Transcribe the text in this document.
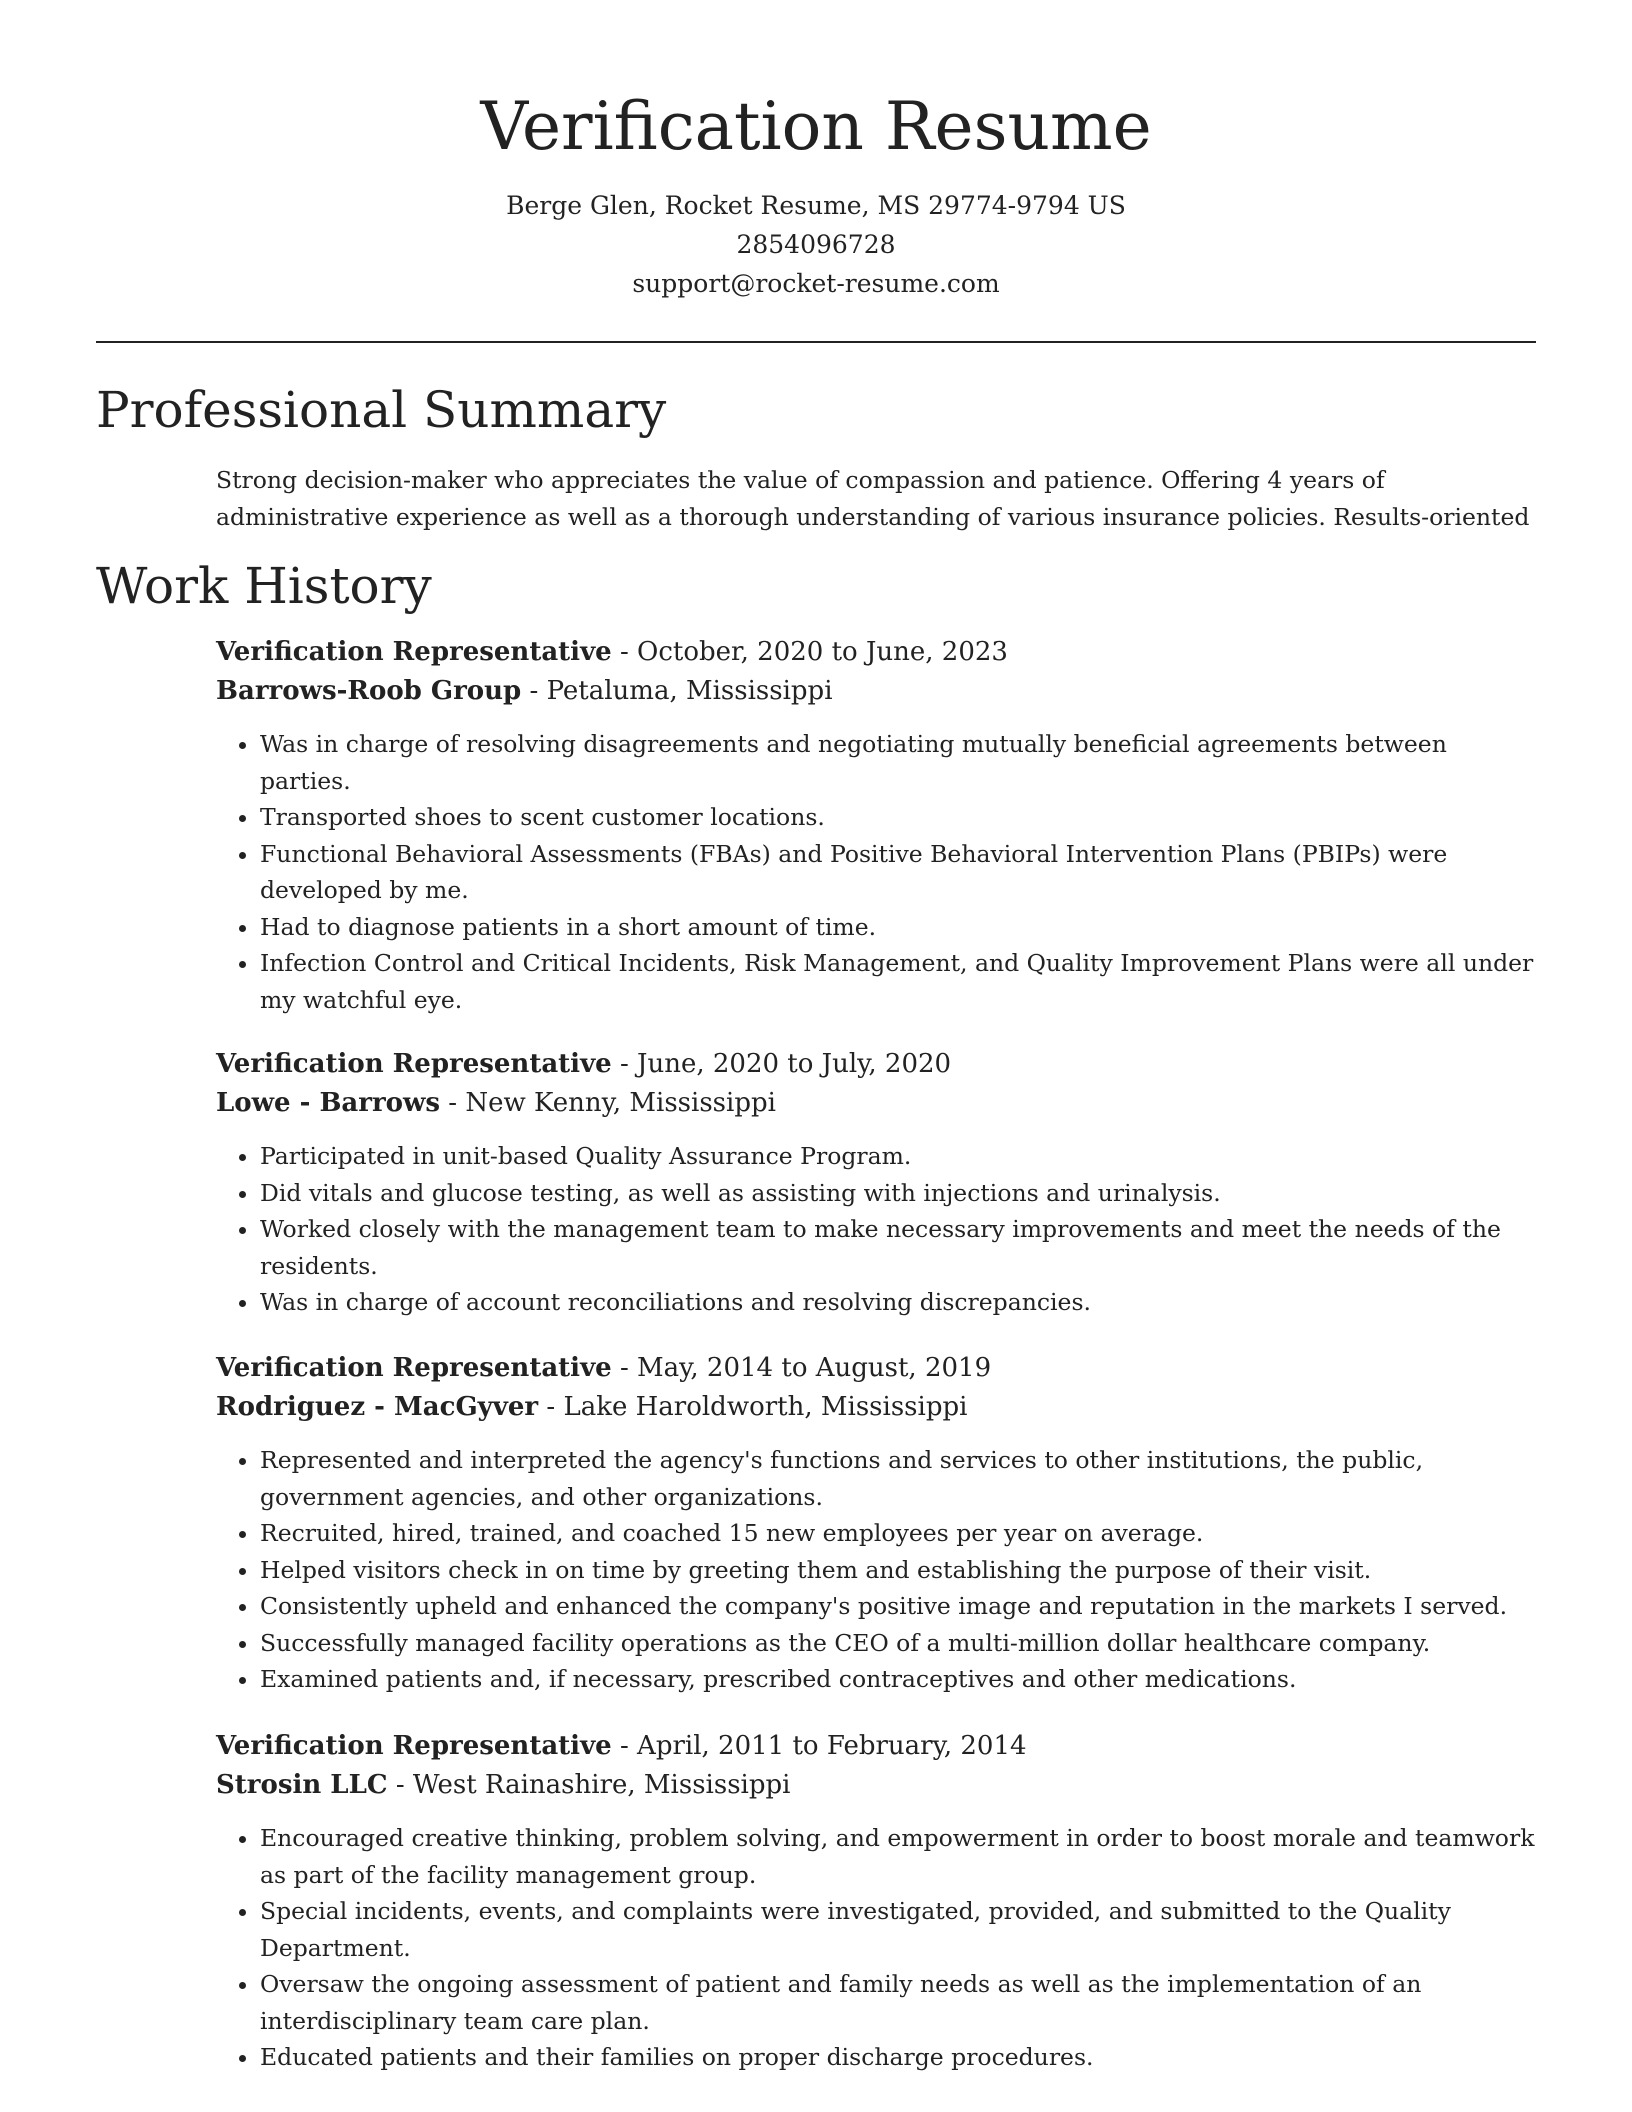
Verification Resume
Berge Glen, Rocket Resume, MS 29774-9794 US
2854096728
support@rocket-resume.com
Professional Summary
Strong decision-maker who appreciates the value of compassion and patience. Offering 4 years of administrative experience as well as a thorough understanding of various insurance policies. Results-oriented
Work History
Verification Representative - October, 2020 to June, 2023
Barrows-Roob Group - Petaluma, Mississippi
• Was in charge of resolving disagreements and negotiating mutually beneficial agreements between parties.
• Transported shoes to scent customer locations.
• Functional Behavioral Assessments (FBAs) and Positive Behavioral Intervention Plans (PBIPs) were developed by me.
• Had to diagnose patients in a short amount of time.
• Infection Control and Critical Incidents, Risk Management, and Quality Improvement Plans were all under my watchful eye.
Verification Representative - June, 2020 to July, 2020
Lowe - Barrows - New Kenny, Mississippi
• Participated in unit-based Quality Assurance Program.
• Did vitals and glucose testing, as well as assisting with injections and urinalysis.
• Worked closely with the management team to make necessary improvements and meet the needs of the residents.
• Was in charge of account reconciliations and resolving discrepancies.
Verification Representative - May, 2014 to August, 2019
Rodriguez - MacGyver - Lake Haroldworth, Mississippi
• Represented and interpreted the agency's functions and services to other institutions, the public, government agencies, and other organizations.
• Recruited, hired, trained, and coached 15 new employees per year on average.
• Helped visitors check in on time by greeting them and establishing the purpose of their visit.
• Consistently upheld and enhanced the company's positive image and reputation in the markets I served.
• Successfully managed facility operations as the CEO of a multi-million dollar healthcare company.
• Examined patients and, if necessary, prescribed contraceptives and other medications.
Verification Representative - April, 2011 to February, 2014
Strosin LLC - West Rainashire, Mississippi
• Encouraged creative thinking, problem solving, and empowerment in order to boost morale and teamwork as part of the facility management group.
• Special incidents, events, and complaints were investigated, provided, and submitted to the Quality Department.
• Oversaw the ongoing assessment of patient and family needs as well as the implementation of an interdisciplinary team care plan.
• Educated patients and their families on proper discharge procedures.
